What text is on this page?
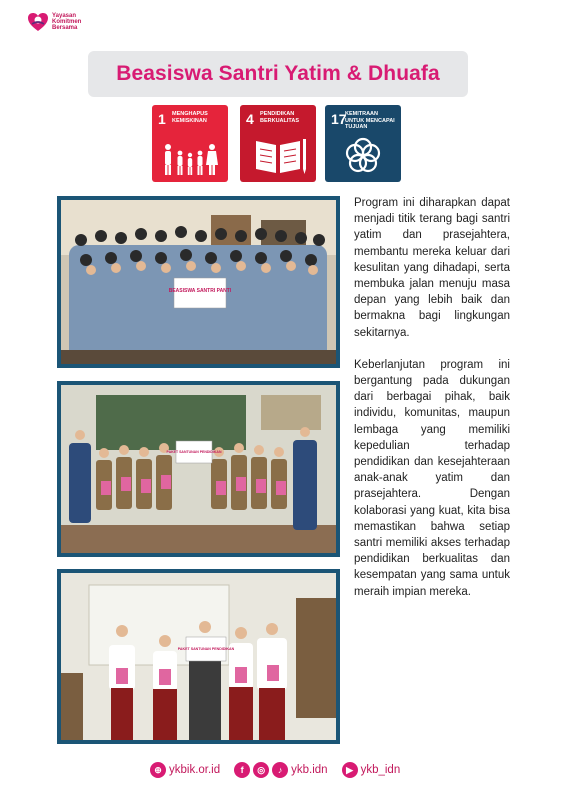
Yayasan
Komitmen
Bersama
Beasiswa Santri Yatim & Dhuafa
1 MENGHAPUS KEMISKINAN	4 PENDIDIKAN BERKUALITAS	17
KEMITRAAN UNTUK MENCAPAI TUJUAN
BEASISWA SANTRI PANTI
PAKET SANTUNAN PENDIDIKAN
PAKET SANTUNAN PENDIDIKAN

Program ini diharapkan dapat menjadi titik terang bagi santri yatim dan prasejahtera, membantu mereka keluar dari kesulitan yang dihadapi, serta membuka jalan menuju masa depan yang lebih baik dan bermakna bagi lingkungan sekitarnya.

Keberlanjutan program ini bergantung pada dukungan dari berbagai pihak, baik individu, komunitas, maupun lembaga yang memiliki kepedulian terhadap pendidikan dan kesejahteraan anak-anak yatim dan prasejahtera. Dengan kolaborasi yang kuat, kita bisa memastikan bahwa setiap santri memiliki akses terhadap pendidikan berkualitas dan kesempatan yang sama untuk meraih impian mereka.

⊕ ykbik.or.id	f	◎	♪ ykb.idn	▶ ykb_idn
